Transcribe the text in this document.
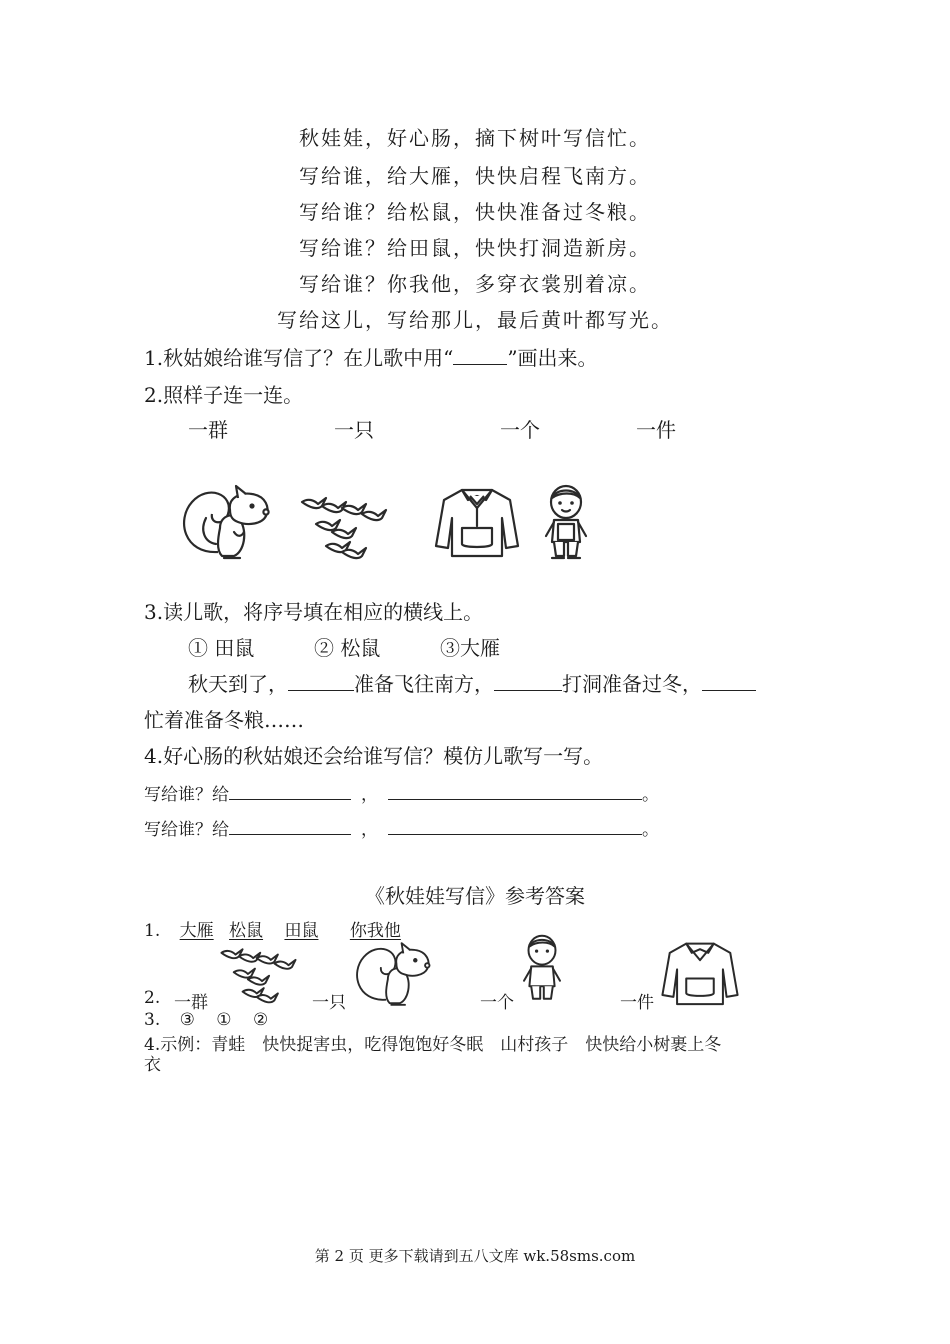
秋娃娃，好心肠，摘下树叶写信忙。
写给谁，给大雁，快快启程飞南方。
写给谁？给松鼠，快快准备过冬粮。
写给谁？给田鼠，快快打洞造新房。
写给谁？你我他，多穿衣裳别着凉。
写给这儿，写给那儿，最后黄叶都写光。
1.秋姑娘给谁写信了？在儿歌中用“	”画出来。
2.照样子连一连。
一群	一只	一个	一件
3.读儿歌，将序号填在相应的横线上。
① 田鼠	② 松鼠	③大雁
秋天到了，	准备飞往南方，	打洞准备过冬，
忙着准备冬粮……
4.好心肠的秋姑娘还会给谁写信？模仿儿歌写一写。
写给谁？给	，	。
写给谁？给	，	。
《秋娃娃写信》参考答案
1. 大雁 松鼠 田鼠 你我他
2. 一群	一只	一个	一件
3. ③ ① ②
4.示例：青蛙　快快捉害虫，吃得饱饱好冬眠　山村孩子　快快给小树裹上冬
衣
第 2 页 更多下载请到五八文库 wk.58sms.com
